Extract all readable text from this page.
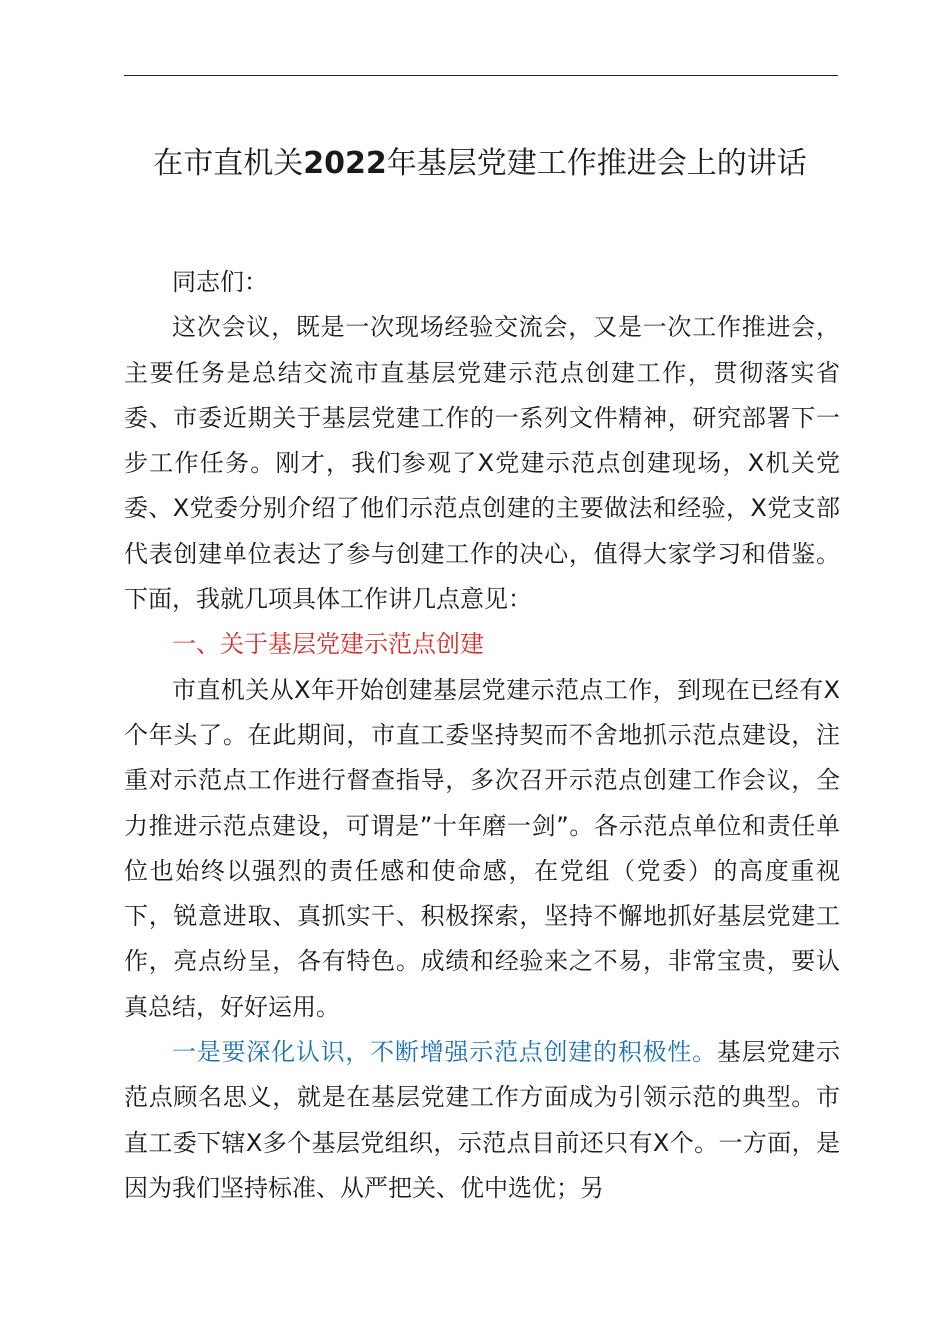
在市直机关2022年基层党建工作推进会上的讲话

同志们：

这次会议，既是一次现场经验交流会，又是一次工作推进会，主要任务是总结交流市直基层党建示范点创建工作，贯彻落实省委、市委近期关于基层党建工作的一系列文件精神，研究部署下一步工作任务。刚才，我们参观了X党建示范点创建现场，X机关党委、X党委分别介绍了他们示范点创建的主要做法和经验，X党支部代表创建单位表达了参与创建工作的决心，值得大家学习和借鉴。下面，我就几项具体工作讲几点意见：

一、关于基层党建示范点创建

市直机关从X年开始创建基层党建示范点工作，到现在已经有X个年头了。在此期间，市直工委坚持契而不舍地抓示范点建设，注重对示范点工作进行督查指导，多次召开示范点创建工作会议，全力推进示范点建设，可谓是”十年磨一剑”。各示范点单位和责任单位也始终以强烈的责任感和使命感，在党组（党委）的高度重视下，锐意进取、真抓实干、积极探索，坚持不懈地抓好基层党建工作，亮点纷呈，各有特色。成绩和经验来之不易，非常宝贵，要认真总结，好好运用。

一是要深化认识，不断增强示范点创建的积极性。基层党建示范点顾名思义，就是在基层党建工作方面成为引领示范的典型。市直工委下辖X多个基层党组织，示范点目前还只有X个。一方面，是因为我们坚持标准、从严把关、优中选优；另
